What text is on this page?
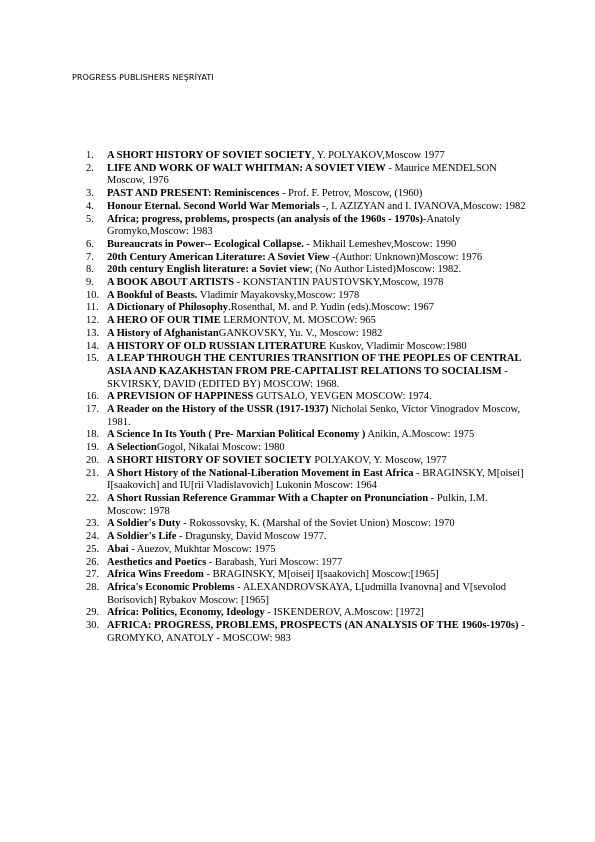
PROGRESS PUBLISHERS NEŞRİYATI
1. A SHORT HISTORY OF SOVIET SOCIETY, Y. POLYAKOV,Moscow 1977
2. LIFE AND WORK OF WALT WHITMAN: A SOVIET VIEW - Maurice MENDELSON Moscow, 1976
3. PAST AND PRESENT: Reminiscences - Prof. F. Petrov, Moscow, (1960)
4. Honour Eternal. Second World War Memorials -, I. AZIZYAN and I. IVANOVA,Moscow: 1982
5. Africa; progress, problems, prospects (an analysis of the 1960s - 1970s)-Anatoly Gromyko,Moscow: 1983
6. Bureaucrats in Power-- Ecological Collapse. - Mikhail Lemeshev,Moscow: 1990
7. 20th Century American Literature: A Soviet View -(Author: Unknown)Moscow: 1976
8. 20th century English literature: a Soviet view; (No Author Listed)Moscow: 1982.
9. A BOOK ABOUT ARTISTS - KONSTANTIN PAUSTOVSKY,Moscow, 1978
10. A Bookful of Beasts. Vladimir Mayakovsky,Moscow: 1978
11. A Dictionary of Philosophy.Rosenthal, M. and P. Yudin (eds).Moscow: 1967
12. A HERO OF OUR TIME LERMONTOV, M. MOSCOW: 965
13. A History of AfghanistanGANKOVSKY, Yu. V., Moscow: 1982
14. A HISTORY OF OLD RUSSIAN LITERATURE Kuskov, Vladimir Moscow:1980
15. A LEAP THROUGH THE CENTURIES TRANSITION OF THE PEOPLES OF CENTRAL ASIA AND KAZAKHSTAN FROM PRE-CAPITALIST RELATIONS TO SOCIALISM -SKVIRSKY, DAVID (EDITED BY) MOSCOW: 1968.
16. A PREVISION OF HAPPINESS GUTSALO, YEVGEN MOSCOW: 1974.
17. A Reader on the History of the USSR (1917-1937) Nicholai Senko, Victor Vinogradov Moscow, 1981.
18. A Science In Its Youth ( Pre- Marxian Political Economy ) Anikin, A.Moscow: 1975
19. A SelectionGogol, Nikalai Moscow: 1980
20. A SHORT HISTORY OF SOVIET SOCIETY POLYAKOV, Y. Moscow, 1977
21. A Short History of the National-Liberation Movement in East Africa - BRAGINSKY, M[oisei] I[saakovich] and IU[rii Vladislavovich] Lukonin Moscow: 1964
22. A Short Russian Reference Grammar With a Chapter on Pronunciation - Pulkin, I.M. Moscow: 1978
23. A Soldier's Duty - Rokossovsky, K. (Marshal of the Soviet Union) Moscow: 1970
24. A Soldier's Life - Dragunsky, David Moscow 1977.
25. Abai - Auezov, Mukhtar Moscow: 1975
26. Aesthetics and Poetics - Barabash, Yuri Moscow: 1977
27. Africa Wins Freedom - BRAGINSKY, M[oisei] I[saakovich] Moscow:[1965]
28. Africa's Economic Problems - ALEXANDROVSKAYA, L[udmilla Ivanovna] and V[sevolod Borisovich] Rybakov Moscow: [1965]
29. Africa: Politics, Economy, Ideology - ISKENDEROV, A.Moscow: [1972]
30. AFRICA: PROGRESS, PROBLEMS, PROSPECTS (AN ANALYSIS OF THE 1960s-1970s) -GROMYKO, ANATOLY - MOSCOW: 983
